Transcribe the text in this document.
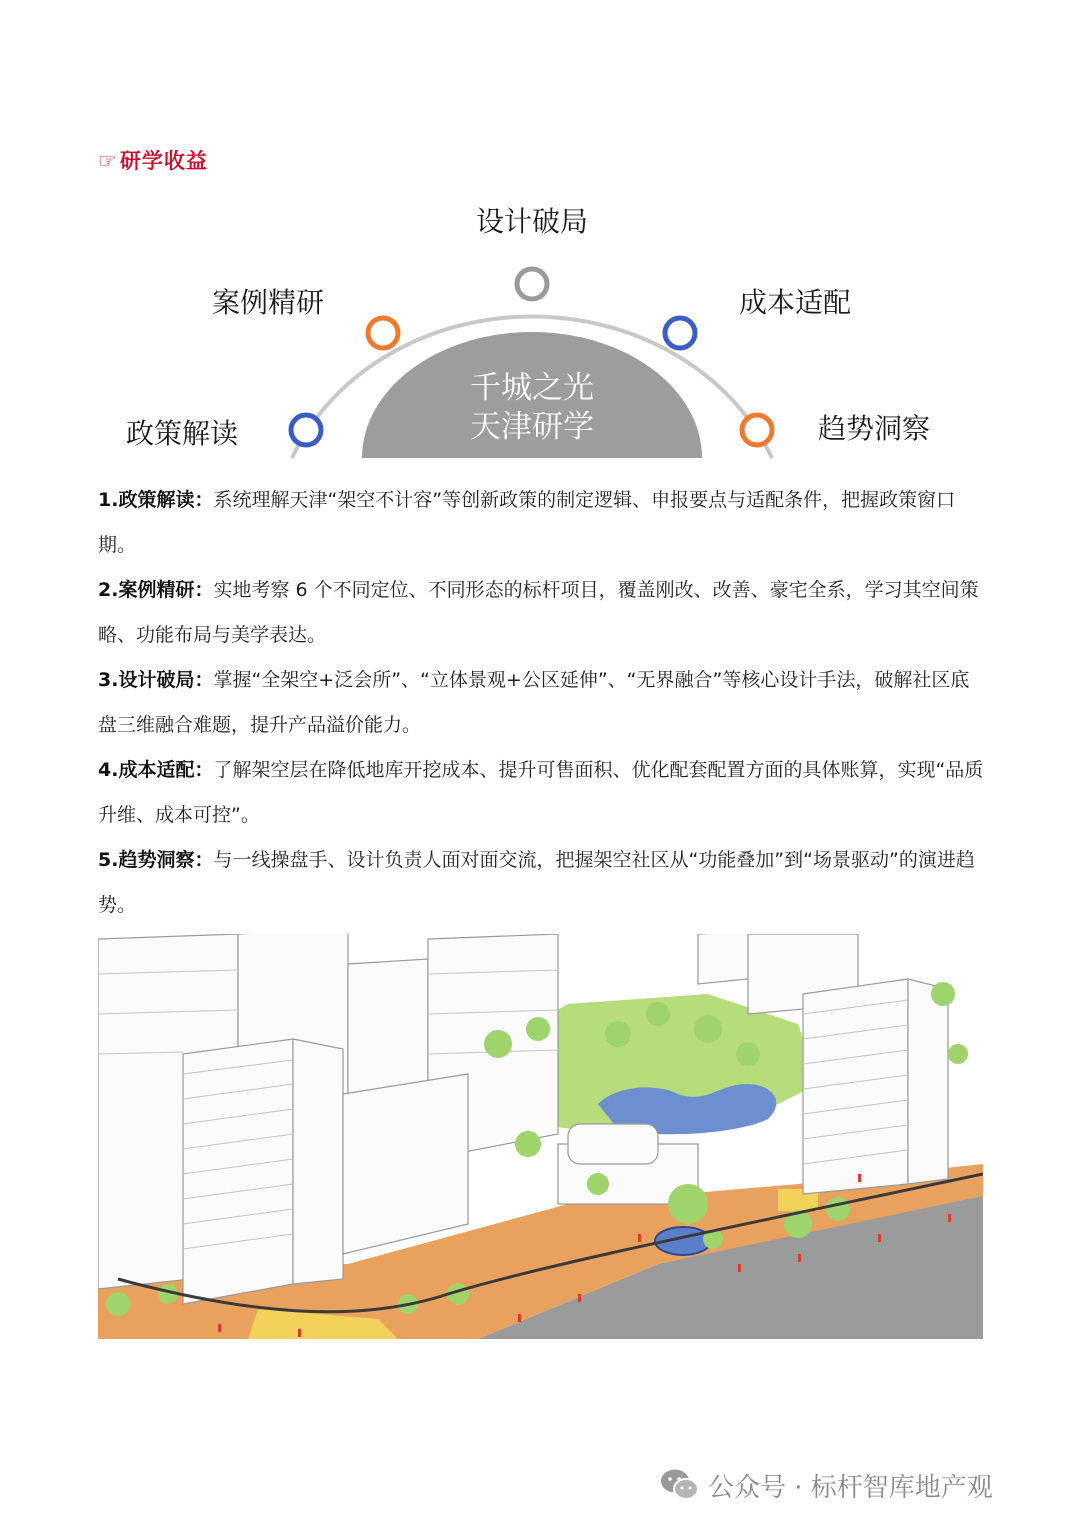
☞研学收益
千城之光
天津研学
政策解读
案例精研
设计破局
成本适配
趋势洞察

1.政策解读：系统理解天津“架空不计容”等创新政策的制定逻辑、申报要点与适配条件，把握政策窗口期。

2.案例精研：实地考察 6 个不同定位、不同形态的标杆项目，覆盖刚改、改善、豪宅全系，学习其空间策略、功能布局与美学表达。

3.设计破局：掌握“全架空+泛会所”、“立体景观+公区延伸”、“无界融合”等核心设计手法，破解社区底盘三维融合难题，提升产品溢价能力。

4.成本适配：了解架空层在降低地库开挖成本、提升可售面积、优化配套配置方面的具体账算，实现“品质升维、成本可控”。

5.趋势洞察：与一线操盘手、设计负责人面对面交流，把握架空社区从“功能叠加”到“场景驱动”的演进趋势。

公众号 · 标杆智库地产观
